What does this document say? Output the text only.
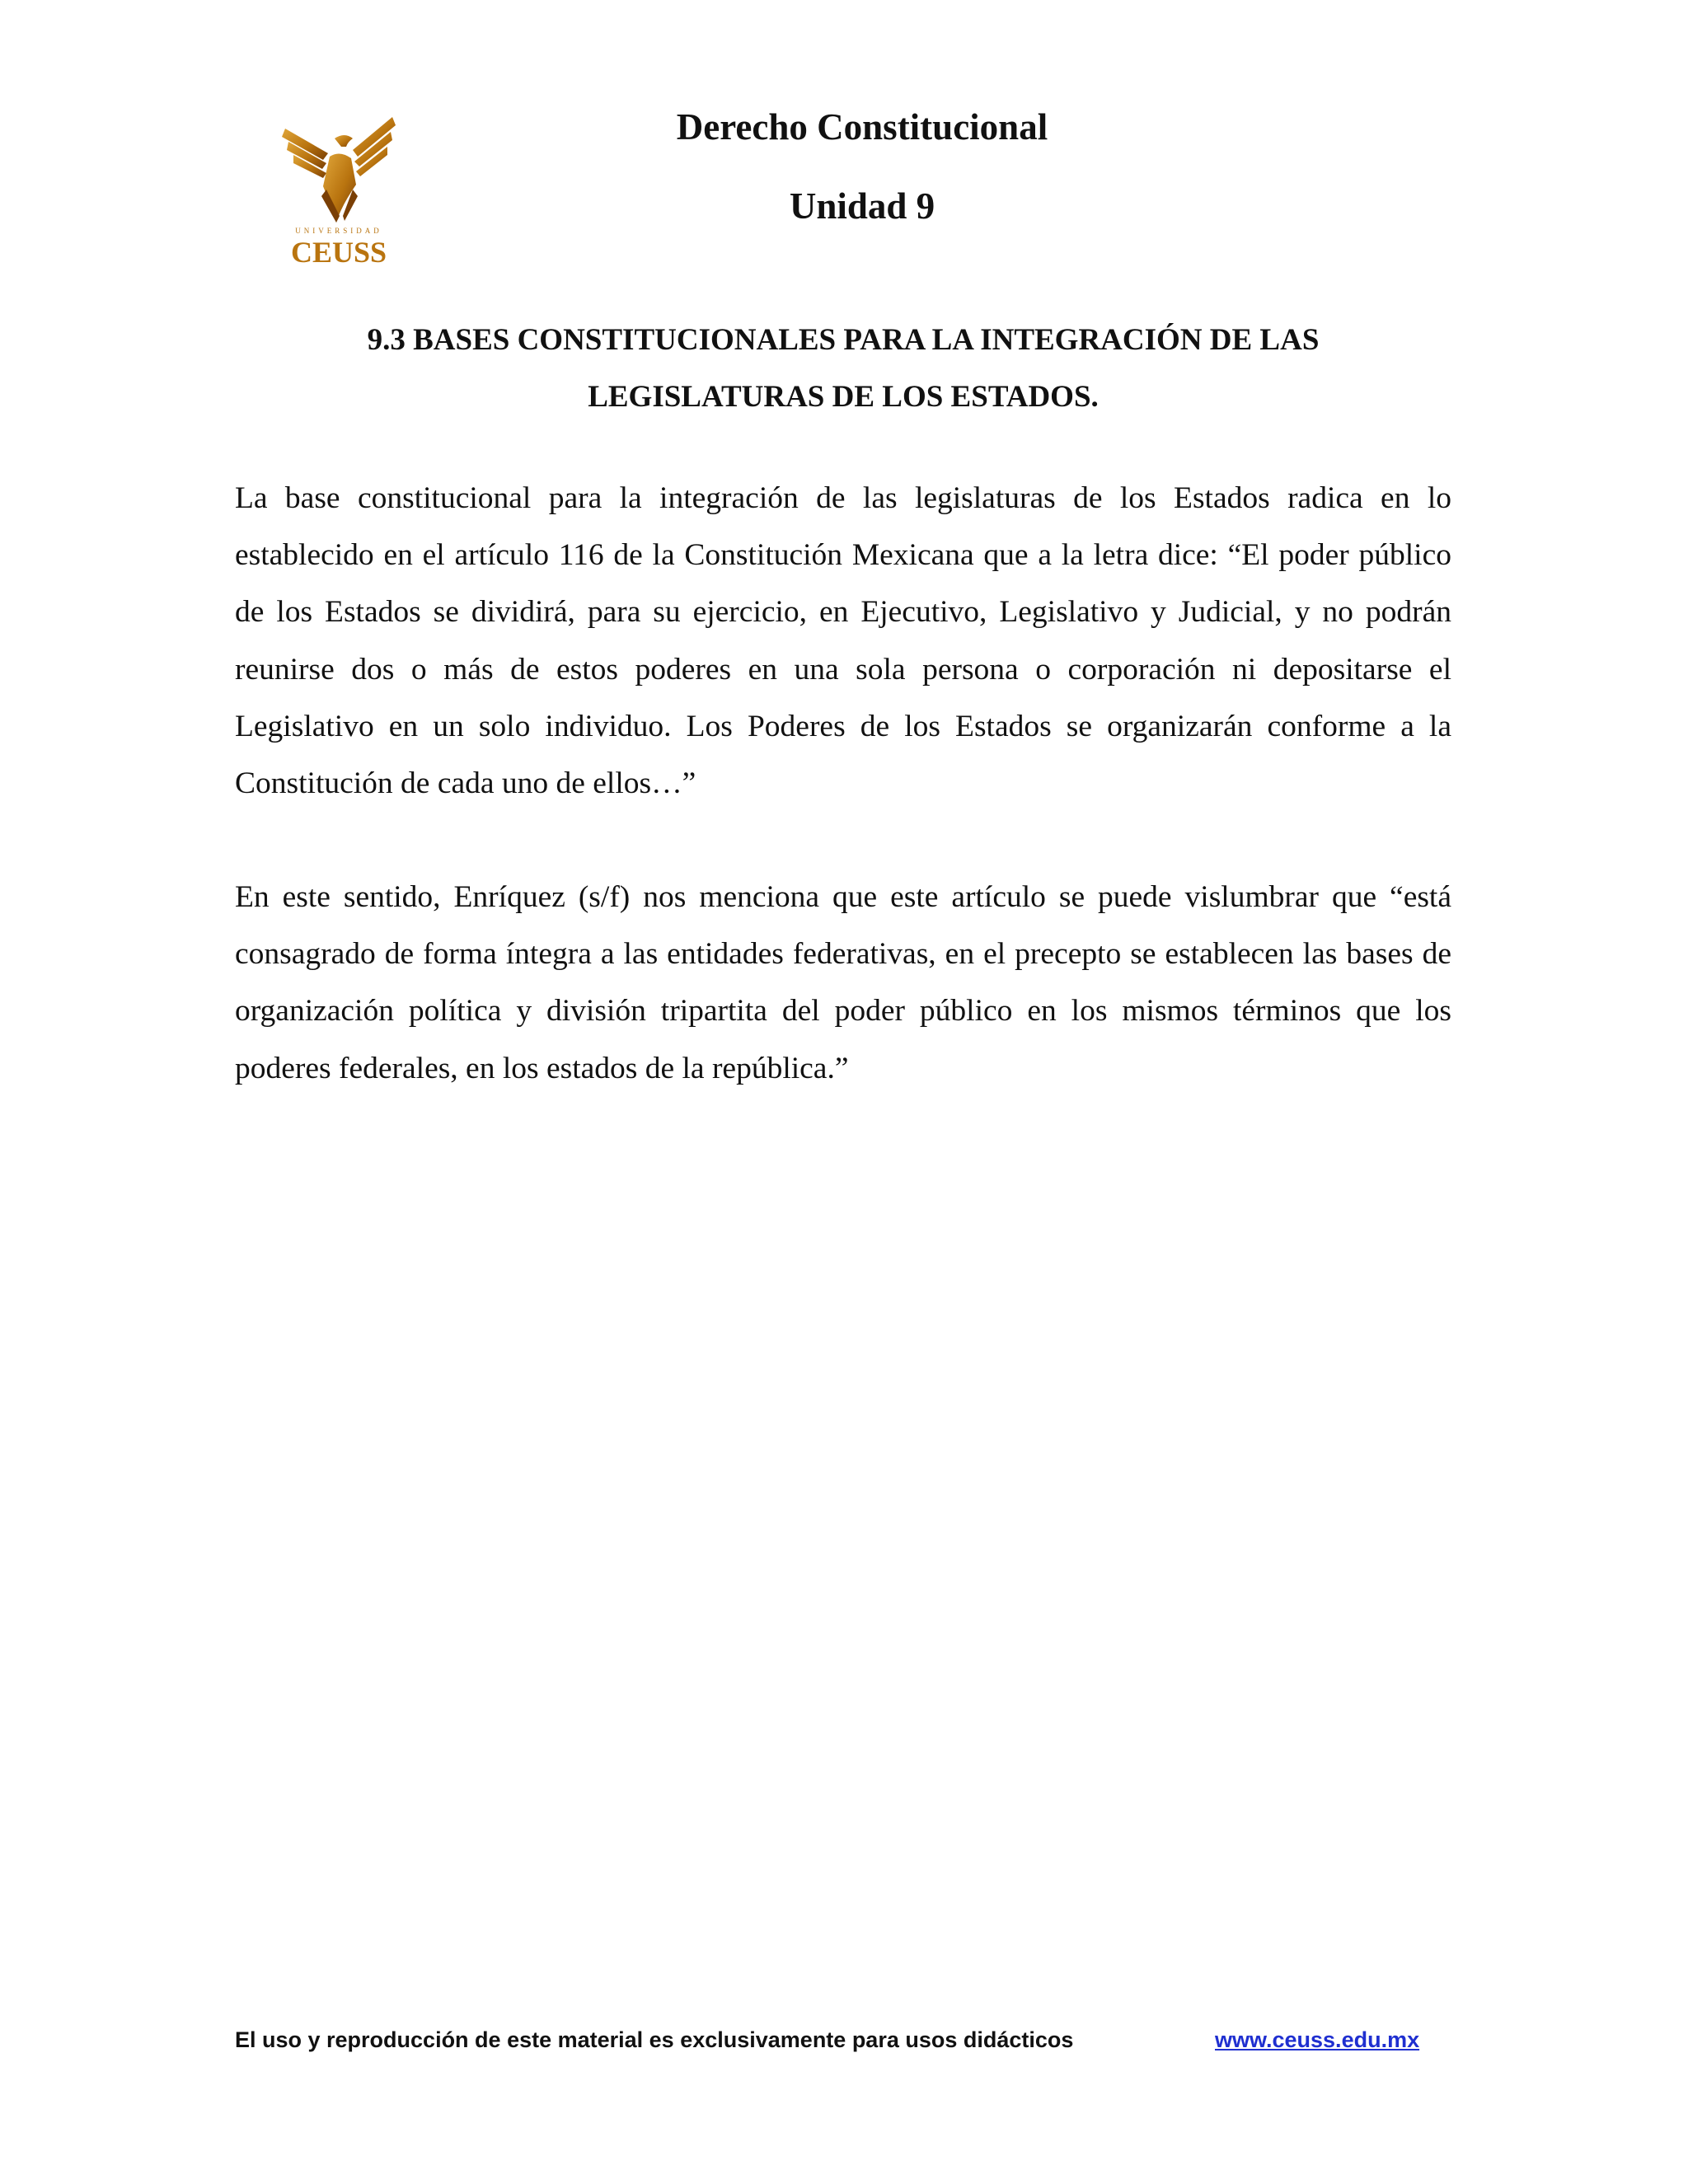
UNIVERSIDAD
CEUSS
Derecho Constitucional
Unidad 9
9.3 BASES CONSTITUCIONALES PARA LA INTEGRACIÓN DE LAS
LEGISLATURAS DE LOS ESTADOS.

La base constitucional para la integración de las legislaturas de los Estados radica en lo establecido en el artículo 116 de la Constitución Mexicana que a la letra dice: “El poder público de los Estados se dividirá, para su ejercicio, en Ejecutivo, Legislativo y Judicial, y no podrán reunirse dos o más de estos poderes en una sola persona o corporación ni depositarse el Legislativo en un solo individuo. Los Poderes de los Estados se organizarán conforme a la Constitución de cada uno de ellos…”

En este sentido, Enríquez (s/f) nos menciona que este artículo se puede vislumbrar que “está consagrado de forma íntegra a las entidades federativas, en el precepto se establecen las bases de organización política y división tripartita del poder público en los mismos términos que los poderes federales, en los estados de la república.”

El uso y reproducción de este material es exclusivamente para usos didácticos	www.ceuss.edu.mx
